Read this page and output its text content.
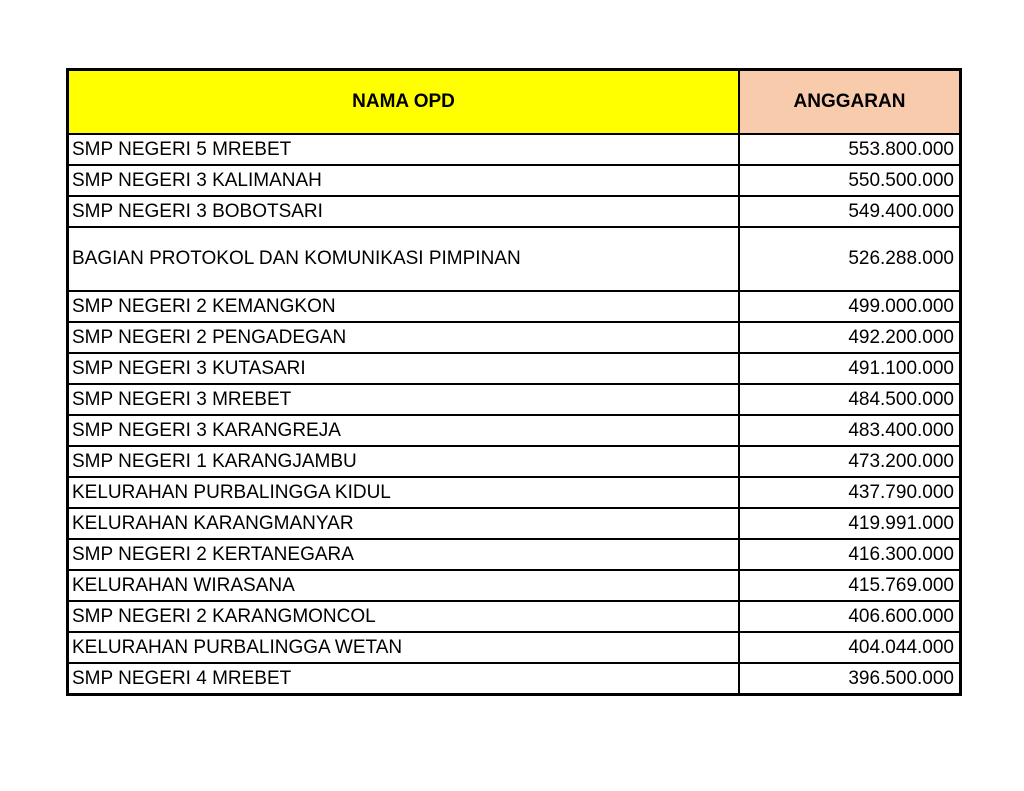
NAMA OPD	ANGGARAN
SMP NEGERI 5 MREBET	553.800.000
SMP NEGERI 3 KALIMANAH	550.500.000
SMP NEGERI 3 BOBOTSARI	549.400.000
BAGIAN PROTOKOL DAN KOMUNIKASI PIMPINAN	526.288.000
SMP NEGERI 2 KEMANGKON	499.000.000
SMP NEGERI 2 PENGADEGAN	492.200.000
SMP NEGERI 3 KUTASARI	491.100.000
SMP NEGERI 3 MREBET	484.500.000
SMP NEGERI 3 KARANGREJA	483.400.000
SMP NEGERI 1 KARANGJAMBU	473.200.000
KELURAHAN PURBALINGGA KIDUL	437.790.000
KELURAHAN KARANGMANYAR	419.991.000
SMP NEGERI 2 KERTANEGARA	416.300.000
KELURAHAN WIRASANA	415.769.000
SMP NEGERI 2 KARANGMONCOL	406.600.000
KELURAHAN PURBALINGGA WETAN	404.044.000
SMP NEGERI 4 MREBET	396.500.000
